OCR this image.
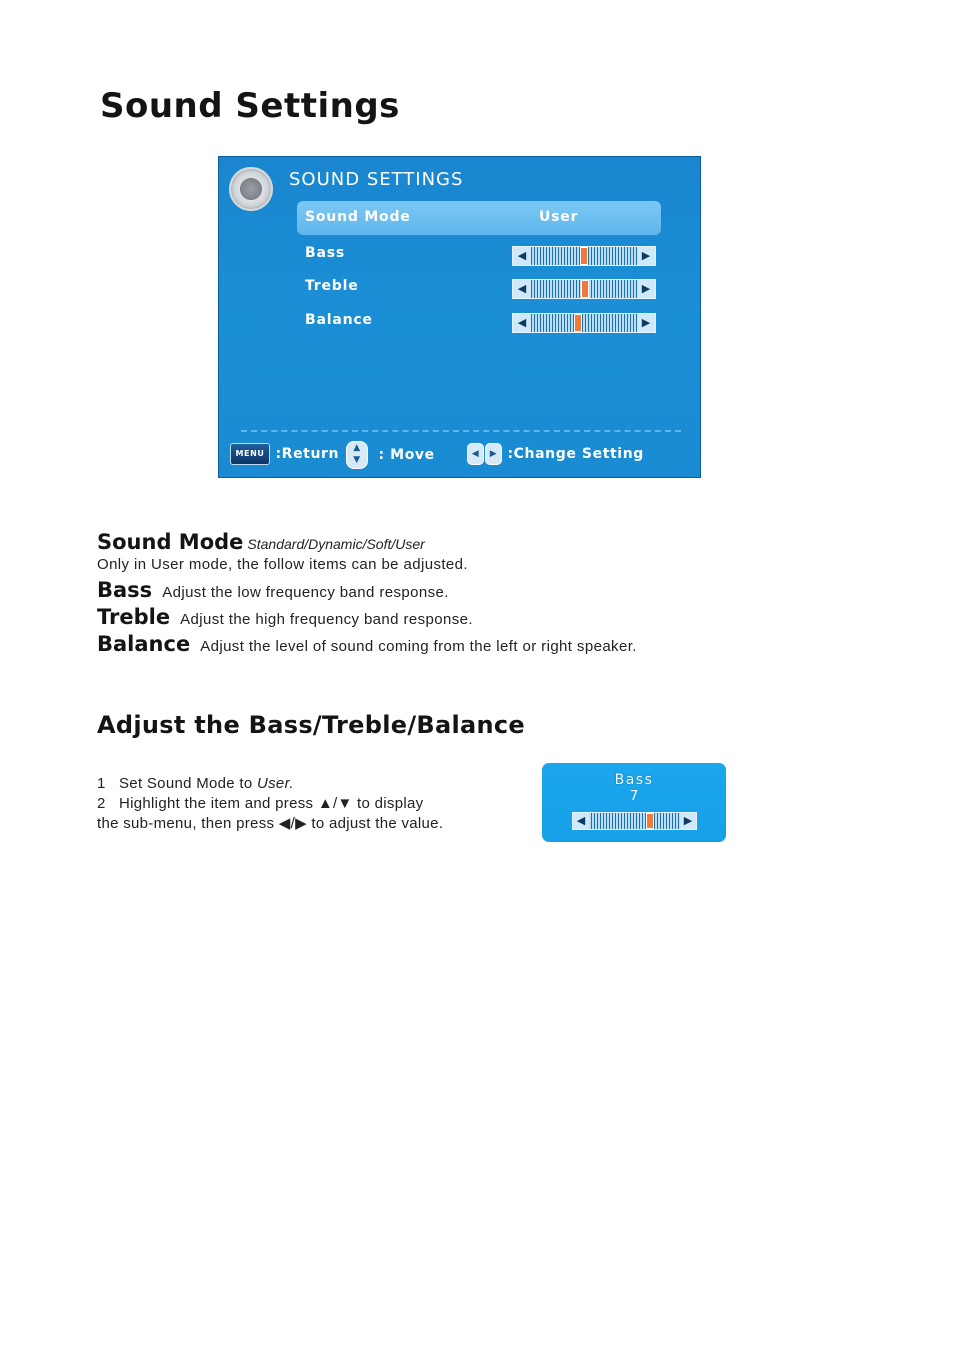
Sound Settings
SOUND SETTINGS
Sound Mode	User
Bass	◀	▶
Treble	◀	▶
Balance	◀	▶
MENU :Return	▲
▼ : Move	◀ ▶ :Change Setting
Sound Mode Standard/Dynamic/Soft/User
Only in User mode, the follow items can be adjusted.
Bass Adjust the low frequency band response.
Treble Adjust the high frequency band response.
Balance Adjust the level of sound coming from the left or right speaker.
Adjust the Bass/Treble/Balance
1 Set Sound Mode to User.
2 Highlight the item and press ▲/▼ to display
the sub-menu, then press ◀/▶ to adjust the value.
Bass
7
◀	▶
